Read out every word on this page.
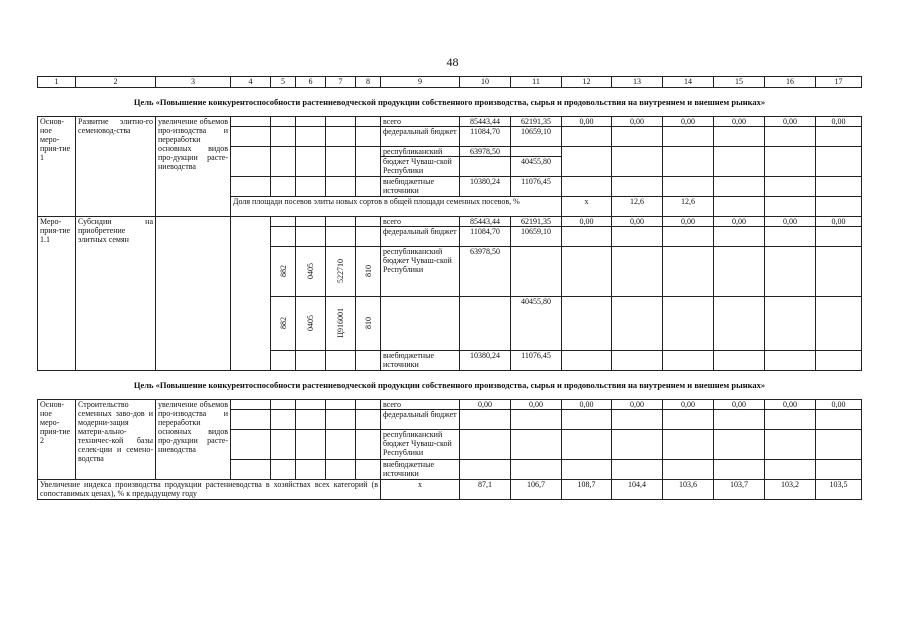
48
1	2	3	4	5	6	7	8	9	10	11	12	13	14	15	16	17	
Цель «Повышение конкурентоспособности растениеводческой продукции собственного производства, сырья и продовольствия на внутреннем и внешнем рынках»																	
Основ-ное меро-прия-тие 1	Развитие элитно-го семеновод-ства	увеличение объемов про-изводства и переработки основных видов про-дукции расте-ниеводства						всего	85443,44	62191,35	0,00	0,00	0,00	0,00	0,00	0,00	
								федеральный бюджет	11084,70	10659,10							
								республиканский	63978,50								
								бюджет Чуваш-ской Республики		40455,80							
								внебюджетные источники	10380,24	11076,45							
			Доля площади посевов элиты новых сортов в общей площади семенных посевов, %								х	12,6	12,6						
Меро-прия-тие 1.1	Субсидии на приобретение элитных семян							всего	85443,44	62191,35	0,00	0,00	0,00	0,00	0,00	0,00	
								федеральный бюджет	11084,70	10659,10							
				882	0405	522710	810	республиканский бюджет Чуваш-ской Республики	63978,50								
				882	0405	Ц916001	810			40455,80							
								внебюджетные источники	10380,24	11076,45							
Цель «Повышение конкурентоспособности растениеводческой продукции собственного производства, сырья и продовольствия на внутреннем и внешнем рынках»																	
Основ-ное меро-прия-тие 2	Строительство семенных заво-дов и модерни-зация матери-ально-техничес-кой базы селек-ции и семено-водства	увеличение объемов про-изводства и переработки основных видов про-дукции расте-ниеводства						всего	0,00	0,00	0,00	0,00	0,00	0,00	0,00	0,00	
								федеральный бюджет									
								республиканский бюджет Чуваш-ской Республики									
								внебюджетные источники									
Увеличение индекса производства продукции растениеводства в хозяйствах всех категорий (в сопоставимых ценах), % к предыдущему году								х	87,1	106,7	108,7	104,4	103,6	103,7	103,2	103,5	
